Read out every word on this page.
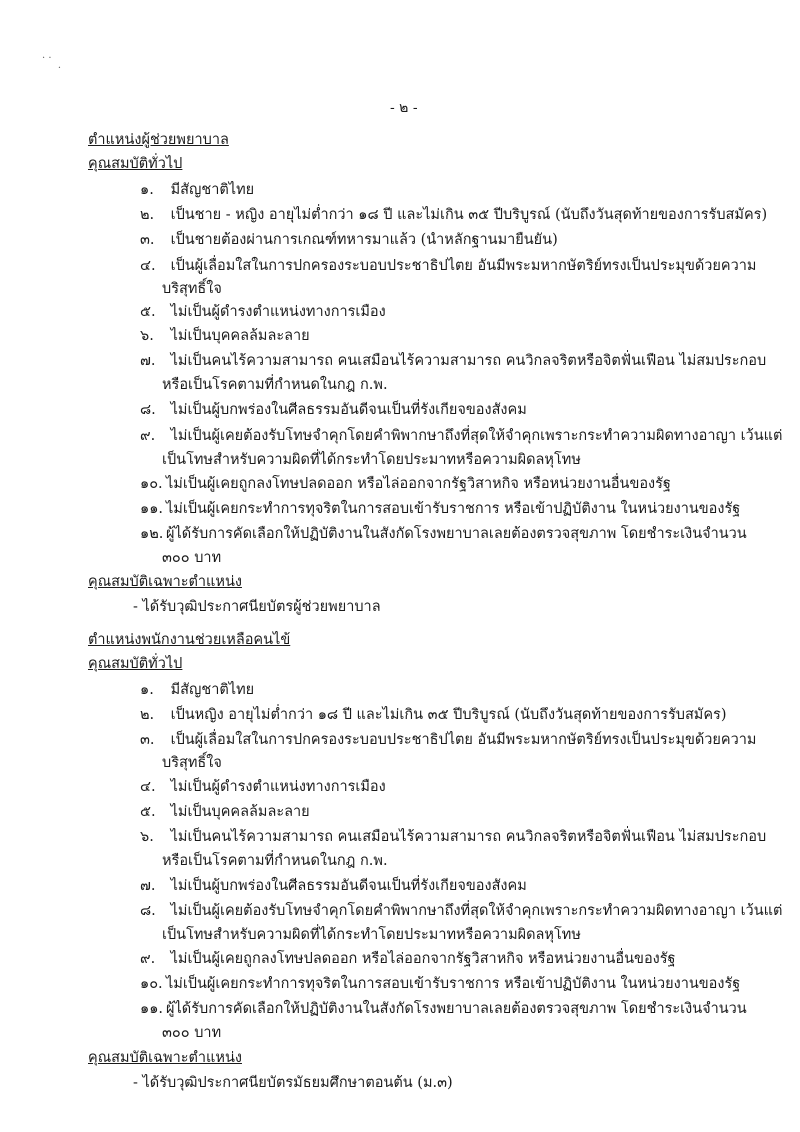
· ·
·
- ๒ -
ตำแหน่งผู้ช่วยพยาบาล
คุณสมบัติทั่วไป
๑. มีสัญชาติไทย
๒. เป็นชาย - หญิง อายุไม่ต่ำกว่า ๑๘ ปี และไม่เกิน ๓๕ ปีบริบูรณ์ (นับถึงวันสุดท้ายของการรับสมัคร)
๓. เป็นชายต้องผ่านการเกณฑ์ทหารมาแล้ว (นำหลักฐานมายืนยัน)
๔. เป็นผู้เลื่อมใสในการปกครองระบอบประชาธิปไตย อันมีพระมหากษัตริย์ทรงเป็นประมุขด้วยความ
บริสุทธิ์ใจ
๕. ไม่เป็นผู้ดำรงตำแหน่งทางการเมือง
๖. ไม่เป็นบุคคลล้มละลาย
๗. ไม่เป็นคนไร้ความสามารถ คนเสมือนไร้ความสามารถ คนวิกลจริตหรือจิตฟั่นเฟือน ไม่สมประกอบ
หรือเป็นโรคตามที่กำหนดในกฎ ก.พ.
๘. ไม่เป็นผู้บกพร่องในศีลธรรมอันดีจนเป็นที่รังเกียจของสังคม
๙. ไม่เป็นผู้เคยต้องรับโทษจำคุกโดยคำพิพากษาถึงที่สุดให้จำคุกเพราะกระทำความผิดทางอาญา เว้นแต่
เป็นโทษสำหรับความผิดที่ได้กระทำโดยประมาทหรือความผิดลหุโทษ
๑๐. ไม่เป็นผู้เคยถูกลงโทษปลดออก หรือไล่ออกจากรัฐวิสาหกิจ หรือหน่วยงานอื่นของรัฐ
๑๑. ไม่เป็นผู้เคยกระทำการทุจริตในการสอบเข้ารับราชการ หรือเข้าปฏิบัติงาน ในหน่วยงานของรัฐ
๑๒. ผู้ได้รับการคัดเลือกให้ปฏิบัติงานในสังกัดโรงพยาบาลเลยต้องตรวจสุขภาพ โดยชำระเงินจำนวน
๓๐๐ บาท
คุณสมบัติเฉพาะตำแหน่ง
- ได้รับวุฒิประกาศนียบัตรผู้ช่วยพยาบาล
ตำแหน่งพนักงานช่วยเหลือคนไข้
คุณสมบัติทั่วไป
๑. มีสัญชาติไทย
๒. เป็นหญิง อายุไม่ต่ำกว่า ๑๘ ปี และไม่เกิน ๓๕ ปีบริบูรณ์ (นับถึงวันสุดท้ายของการรับสมัคร)
๓. เป็นผู้เลื่อมใสในการปกครองระบอบประชาธิปไตย อันมีพระมหากษัตริย์ทรงเป็นประมุขด้วยความ
บริสุทธิ์ใจ
๔. ไม่เป็นผู้ดำรงตำแหน่งทางการเมือง
๕. ไม่เป็นบุคคลล้มละลาย
๖. ไม่เป็นคนไร้ความสามารถ คนเสมือนไร้ความสามารถ คนวิกลจริตหรือจิตฟั่นเฟือน ไม่สมประกอบ
หรือเป็นโรคตามที่กำหนดในกฎ ก.พ.
๗. ไม่เป็นผู้บกพร่องในศีลธรรมอันดีจนเป็นที่รังเกียจของสังคม
๘. ไม่เป็นผู้เคยต้องรับโทษจำคุกโดยคำพิพากษาถึงที่สุดให้จำคุกเพราะกระทำความผิดทางอาญา เว้นแต่
เป็นโทษสำหรับความผิดที่ได้กระทำโดยประมาทหรือความผิดลหุโทษ
๙. ไม่เป็นผู้เคยถูกลงโทษปลดออก หรือไล่ออกจากรัฐวิสาหกิจ หรือหน่วยงานอื่นของรัฐ
๑๐. ไม่เป็นผู้เคยกระทำการทุจริตในการสอบเข้ารับราชการ หรือเข้าปฏิบัติงาน ในหน่วยงานของรัฐ
๑๑. ผู้ได้รับการคัดเลือกให้ปฏิบัติงานในสังกัดโรงพยาบาลเลยต้องตรวจสุขภาพ โดยชำระเงินจำนวน
๓๐๐ บาท
คุณสมบัติเฉพาะตำแหน่ง
- ได้รับวุฒิประกาศนียบัตรมัธยมศึกษาตอนต้น (ม.๓)
